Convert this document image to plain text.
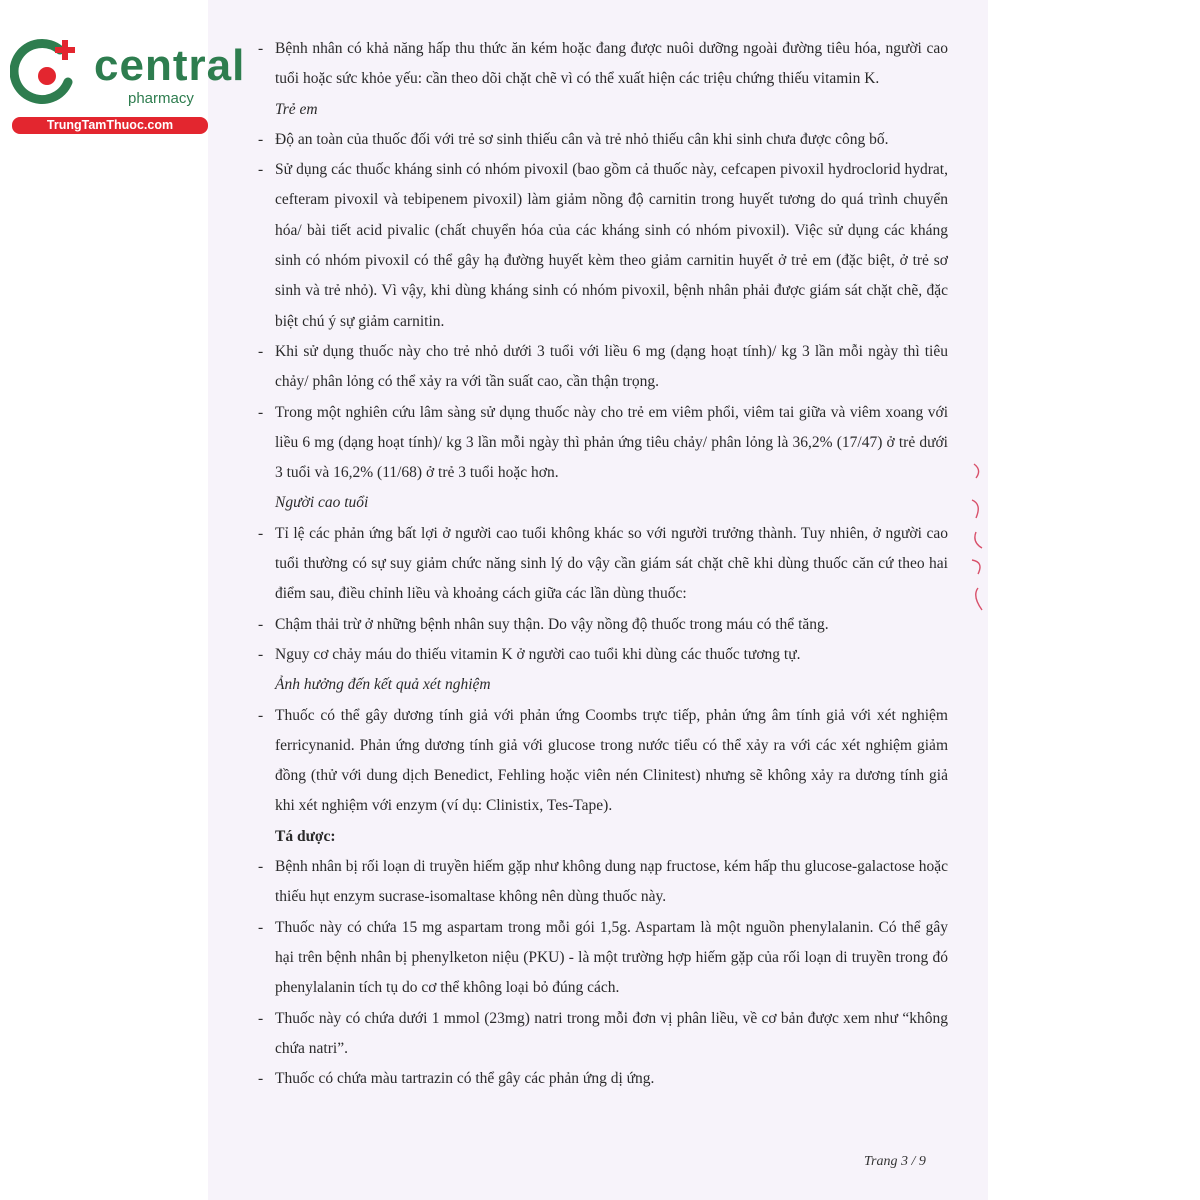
central

pharmacy
TrungTamThuoc.com

- Bệnh nhân có khả năng hấp thu thức ăn kém hoặc đang được nuôi dưỡng ngoài đường tiêu hóa, người cao tuổi hoặc sức khỏe yếu: cần theo dõi chặt chẽ vì có thể xuất hiện các triệu chứng thiếu vitamin K.

Trẻ em

- Độ an toàn của thuốc đối với trẻ sơ sinh thiếu cân và trẻ nhỏ thiếu cân khi sinh chưa được công bố.

- Sử dụng các thuốc kháng sinh có nhóm pivoxil (bao gồm cả thuốc này, cefcapen pivoxil hydroclorid hydrat, cefteram pivoxil và tebipenem pivoxil) làm giảm nồng độ carnitin trong huyết tương do quá trình chuyển hóa/ bài tiết acid pivalic (chất chuyển hóa của các kháng sinh có nhóm pivoxil). Việc sử dụng các kháng sinh có nhóm pivoxil có thể gây hạ đường huyết kèm theo giảm carnitin huyết ở trẻ em (đặc biệt, ở trẻ sơ sinh và trẻ nhỏ). Vì vậy, khi dùng kháng sinh có nhóm pivoxil, bệnh nhân phải được giám sát chặt chẽ, đặc biệt chú ý sự giảm carnitin.

- Khi sử dụng thuốc này cho trẻ nhỏ dưới 3 tuổi với liều 6 mg (dạng hoạt tính)/ kg 3 lần mỗi ngày thì tiêu chảy/ phân lỏng có thể xảy ra với tần suất cao, cần thận trọng.

- Trong một nghiên cứu lâm sàng sử dụng thuốc này cho trẻ em viêm phổi, viêm tai giữa và viêm xoang với liều 6 mg (dạng hoạt tính)/ kg 3 lần mỗi ngày thì phản ứng tiêu chảy/ phân lỏng là 36,2% (17/47) ở trẻ dưới 3 tuổi và 16,2% (11/68) ở trẻ 3 tuổi hoặc hơn.

Người cao tuổi

- Tỉ lệ các phản ứng bất lợi ở người cao tuổi không khác so với người trưởng thành. Tuy nhiên, ở người cao tuổi thường có sự suy giảm chức năng sinh lý do vậy cần giám sát chặt chẽ khi dùng thuốc căn cứ theo hai điểm sau, điều chỉnh liều và khoảng cách giữa các lần dùng thuốc:

- Chậm thải trừ ở những bệnh nhân suy thận. Do vậy nồng độ thuốc trong máu có thể tăng.

- Nguy cơ chảy máu do thiếu vitamin K ở người cao tuổi khi dùng các thuốc tương tự.

Ảnh hưởng đến kết quả xét nghiệm

- Thuốc có thể gây dương tính giả với phản ứng Coombs trực tiếp, phản ứng âm tính giả với xét nghiệm ferricynanid. Phản ứng dương tính giả với glucose trong nước tiểu có thể xảy ra với các xét nghiệm giảm đồng (thử với dung dịch Benedict, Fehling hoặc viên nén Clinitest) nhưng sẽ không xảy ra dương tính giả khi xét nghiệm với enzym (ví dụ: Clinistix, Tes-Tape).

Tá dược:

- Bệnh nhân bị rối loạn di truyền hiếm gặp như không dung nạp fructose, kém hấp thu glucose-galactose hoặc thiếu hụt enzym sucrase-isomaltase không nên dùng thuốc này.

- Thuốc này có chứa 15 mg aspartam trong mỗi gói 1,5g. Aspartam là một nguồn phenylalanin. Có thể gây hại trên bệnh nhân bị phenylketon niệu (PKU) - là một trường hợp hiếm gặp của rối loạn di truyền trong đó phenylalanin tích tụ do cơ thể không loại bỏ đúng cách.

- Thuốc này có chứa dưới 1 mmol (23mg) natri trong mỗi đơn vị phân liều, về cơ bản được xem như “không chứa natri”.

- Thuốc có chứa màu tartrazin có thể gây các phản ứng dị ứng.

Trang 3 / 9
